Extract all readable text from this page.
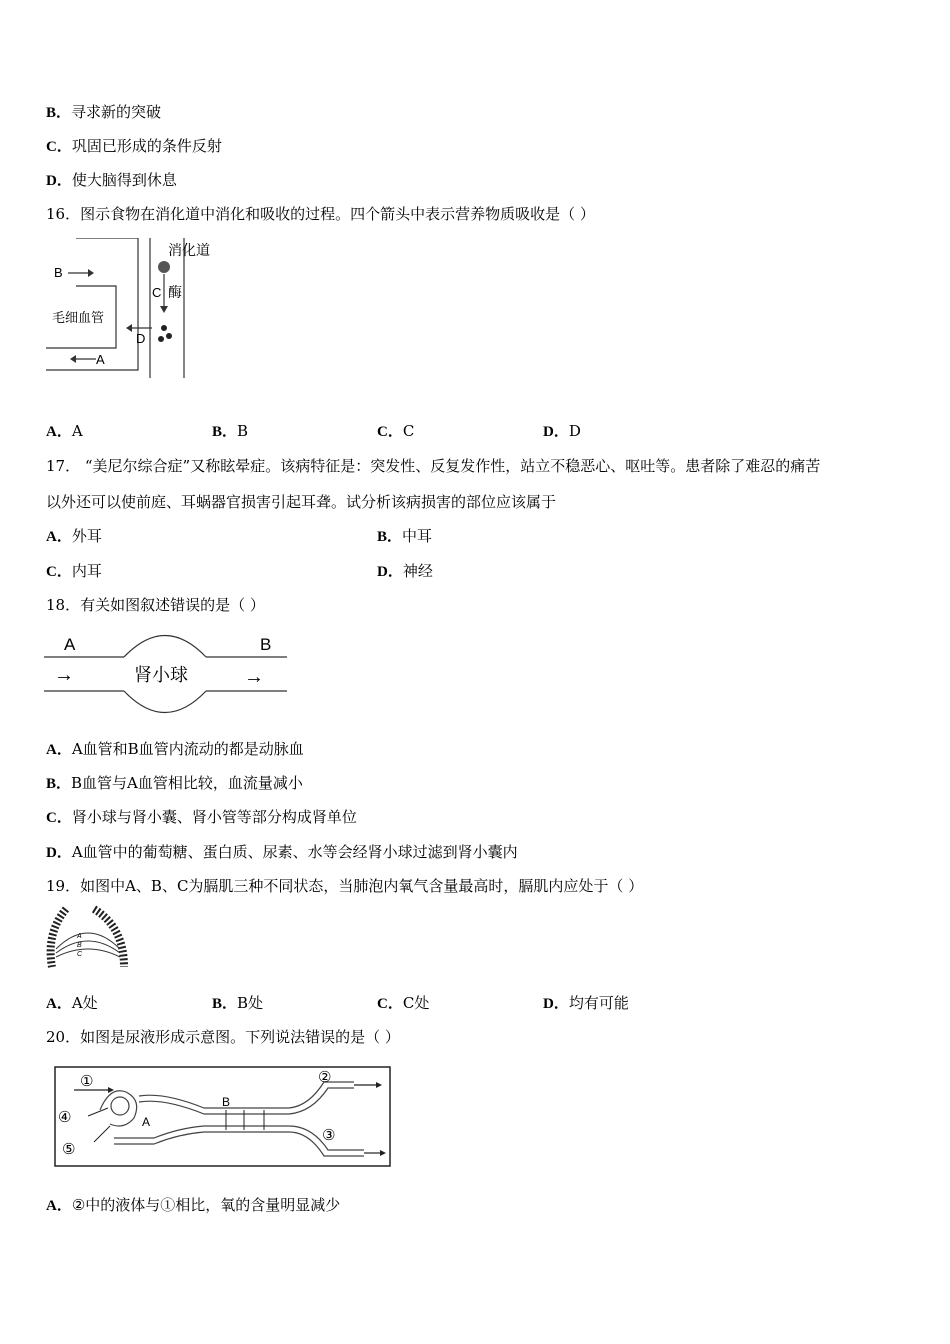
B．寻求新的突破
C．巩固已形成的条件反射
D．使大脑得到休息
16．图示食物在消化道中消化和吸收的过程。四个箭头中表示营养物质吸收是（ ）
B
A
毛细血管
消化道
C 酶
D
A．A	B．B	C．C	D．D
17． “美尼尔综合症”又称眩晕症。该病特征是：突发性、反复发作性，站立不稳恶心、呕吐等。患者除了难忍的痛苦
以外还可以使前庭、耳蜗器官损害引起耳聋。试分析该病损害的部位应该属于
A．外耳	B．中耳
C．内耳	D．神经
18．有关如图叙述错误的是（ ）
A	B
→	→
肾小球
A．A血管和B血管内流动的都是动脉血
B．B血管与A血管相比较，血流量减小
C．肾小球与肾小囊、肾小管等部分构成肾单位
D．A血管中的葡萄糖、蛋白质、尿素、水等会经肾小球过滤到肾小囊内
19．如图中A、B、C为膈肌三种不同状态，当肺泡内氧气含量最高时，膈肌内应处于（ ）
A
B
C
A．A处	B．B处	C．C处	D．均有可能
20．如图是尿液形成示意图。下列说法错误的是（ ）
①	②
③
④
⑤
A
B
A．②中的液体与①相比，氧的含量明显减少
